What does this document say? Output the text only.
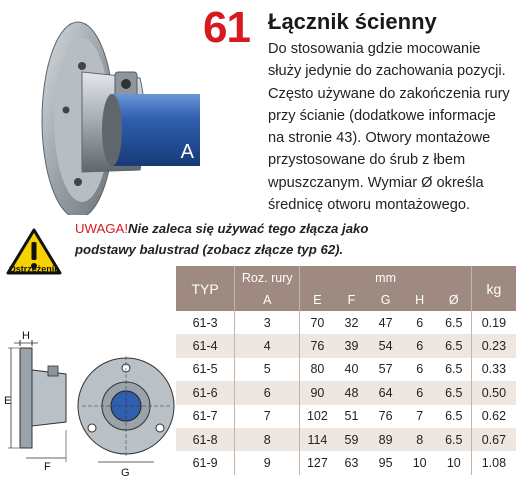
A
61 Łącznik ścienny

Do stosowania gdzie mocowanie
służy jedynie do zachowania pozycji.
Często używane do zakończenia rury
przy ścianie (dodatkowe informacje
na stronie 43). Otwory montażowe
przystosowane do śrub z łbem
wpuszczanym. Wymiar Ø określa
średnicę otworu montażowego.

Ostrzeżenie
UWAGA!Nie zaleca się używać tego złącza jako
podstawy balustrad (zobacz złącze typ 62).
TYP	Roz. rury	mm					kg
	A	E	F	G	H	Ø	
61-3	3	70	32	47	6	6.5	0.19
61-4	4	76	39	54	6	6.5	0.23
61-5	5	80	40	57	6	6.5	0.33
61-6	6	90	48	64	6	6.5	0.50
61-7	7	102	51	76	7	6.5	0.62
61-8	8	114	59	89	8	6.5	0.67
61-9	9	127	63	95	10	10	1.08
H
E
F	G
